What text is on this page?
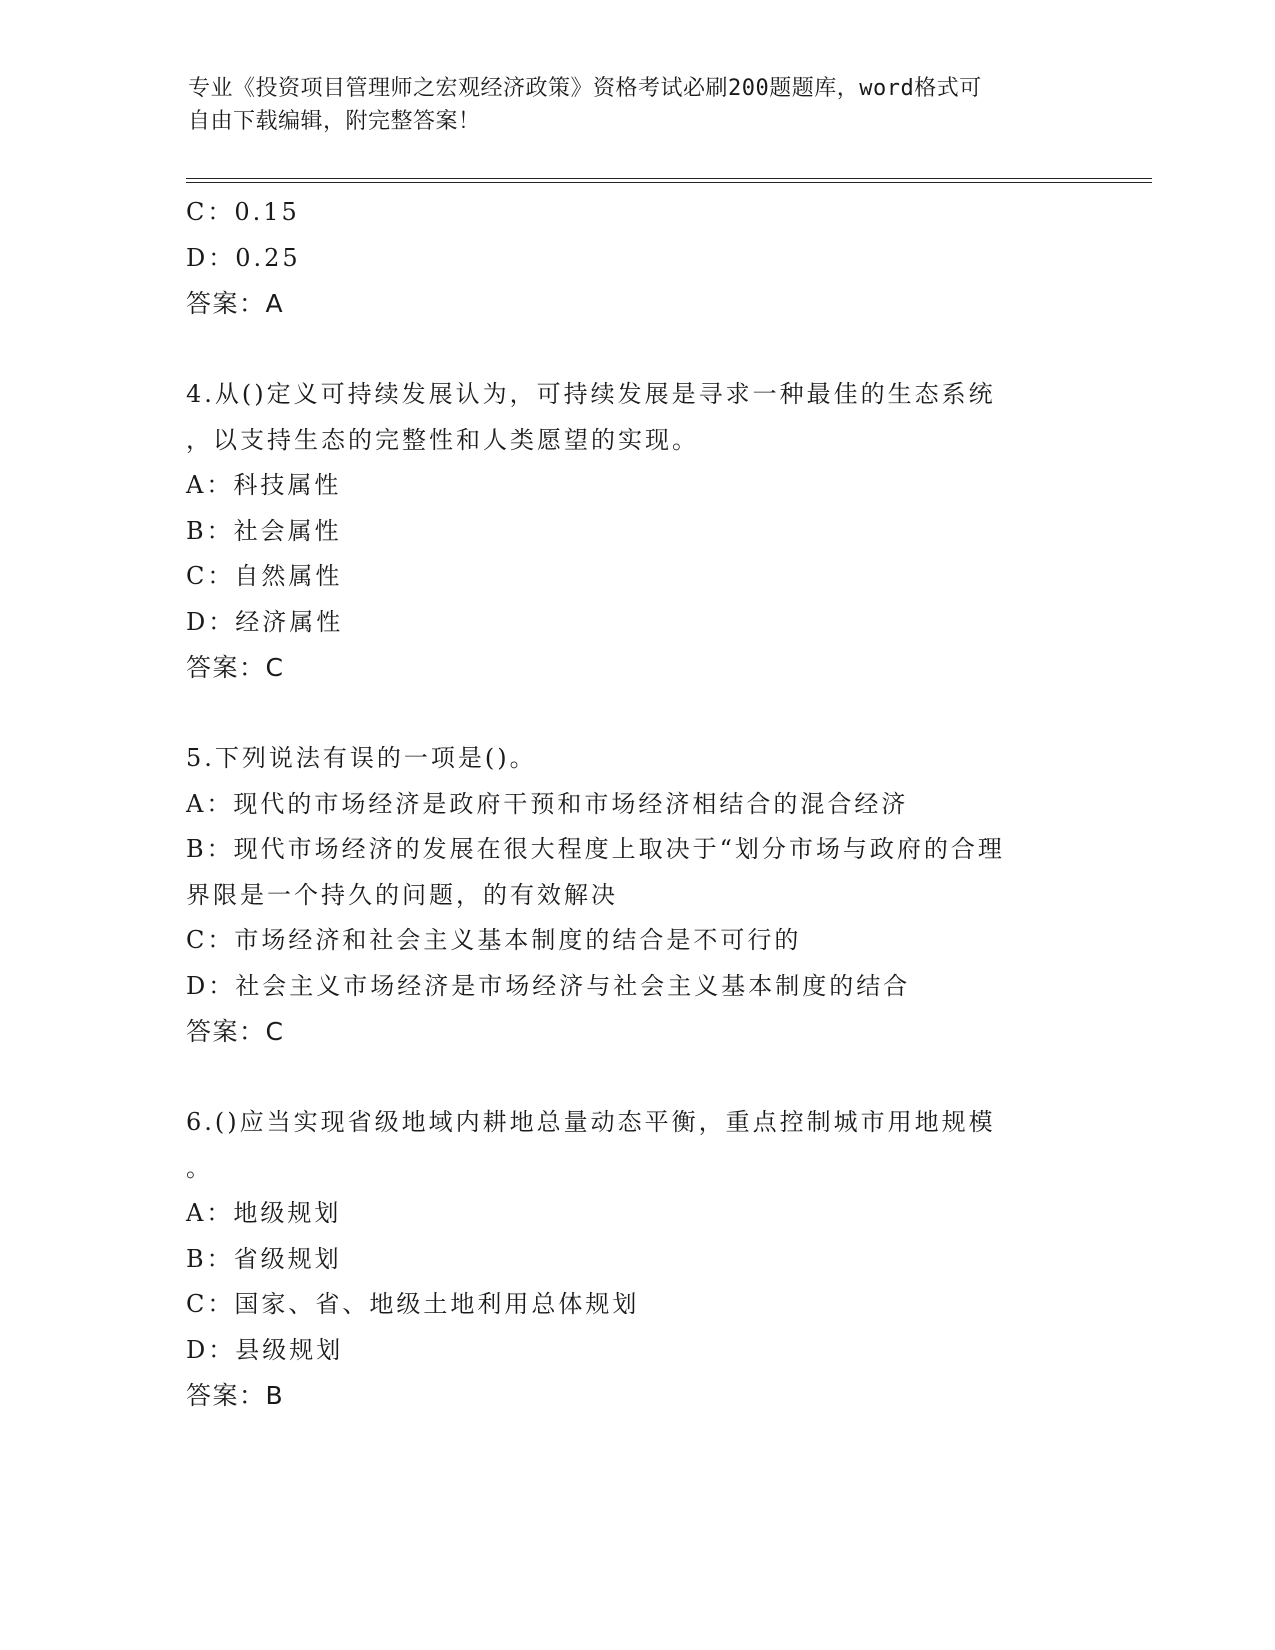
专业《投资项目管理师之宏观经济政策》资格考试必刷200题题库，word格式可
自由下载编辑，附完整答案！
C：0.15
D：0.25
答案：A
4.从()定义可持续发展认为，可持续发展是寻求一种最佳的生态系统
，以支持生态的完整性和人类愿望的实现。
A：科技属性
B：社会属性
C：自然属性
D：经济属性
答案：C
5.下列说法有误的一项是()。
A：现代的市场经济是政府干预和市场经济相结合的混合经济
B：现代市场经济的发展在很大程度上取决于“划分市场与政府的合理
界限是一个持久的问题，的有效解决
C：市场经济和社会主义基本制度的结合是不可行的
D：社会主义市场经济是市场经济与社会主义基本制度的结合
答案：C
6.()应当实现省级地域内耕地总量动态平衡，重点控制城市用地规模
。
A：地级规划
B：省级规划
C：国家、省、地级土地利用总体规划
D：县级规划
答案：B
